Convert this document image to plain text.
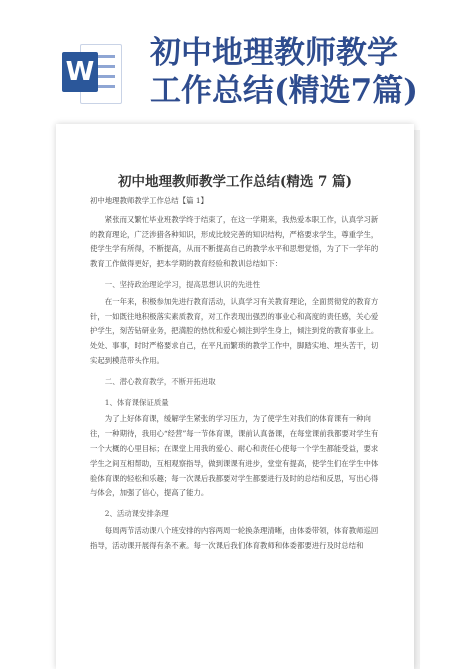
W
初中地理教师教学
工作总结(精选7篇)
初中地理教师教学工作总结(精选 7 篇)

初中地理教师教学工作总结【篇 1】

紧张而又繁忙毕业班教学终于结束了，在这一学期来，我热爱本职工作，认真学习新的教育理论，广泛涉猎各种知识，形成比较完善的知识结构，严格要求学生，尊重学生，使学生学有所得，不断提高，从而不断提高自己的教学水平和思想觉悟，为了下一学年的教育工作做得更好，把本学期的教育经验和教训总结如下：

一、坚持政治理论学习，提高思想认识的先进性

在一年来，积极参加先进行教育活动，认真学习有关教育理论，全面贯彻党的教育方针，一如既往地积极落实素质教育，对工作表现出强烈的事业心和高度的责任感，关心爱护学生，刻苦钻研业务，把満腔的热忱和爱心倾注到学生身上，倾注到党的教育事业上。处处、事事，时时严格要求自己，在平凡而繁琐的教学工作中，脚踏实地、埋头苦干，切实起到模范带头作用。

二、潜心教育教学，不断开拓进取

1、体育课保证质量

为了上好体育课，缓解学生紧张的学习压力，为了使学生对我们的体育课有一种向往，一种期待，我用心“经营”每一节体育课，课前认真备课，在每堂课前我都要对学生有一个大概的心里目标；在课堂上用我的爱心、耐心和责任心使每一个学生都能受益，要求学生之间互相帮助，互相观察指导，做到课课有进步，堂堂有提高，使学生们在学生中体验体育课的轻松和乐趣；每一次课后我都要对学生都要进行及时的总结和反思，写出心得与体会，加强了信心，提高了能力。

2、活动课安排条理

每周两节活动课八个班安排的内容两周一轮换条理清晰，由体委带领，体育教师巡回指导，活动课开展得有条不紊。每一次课后我们体育教师和体委都要进行及时总结和
